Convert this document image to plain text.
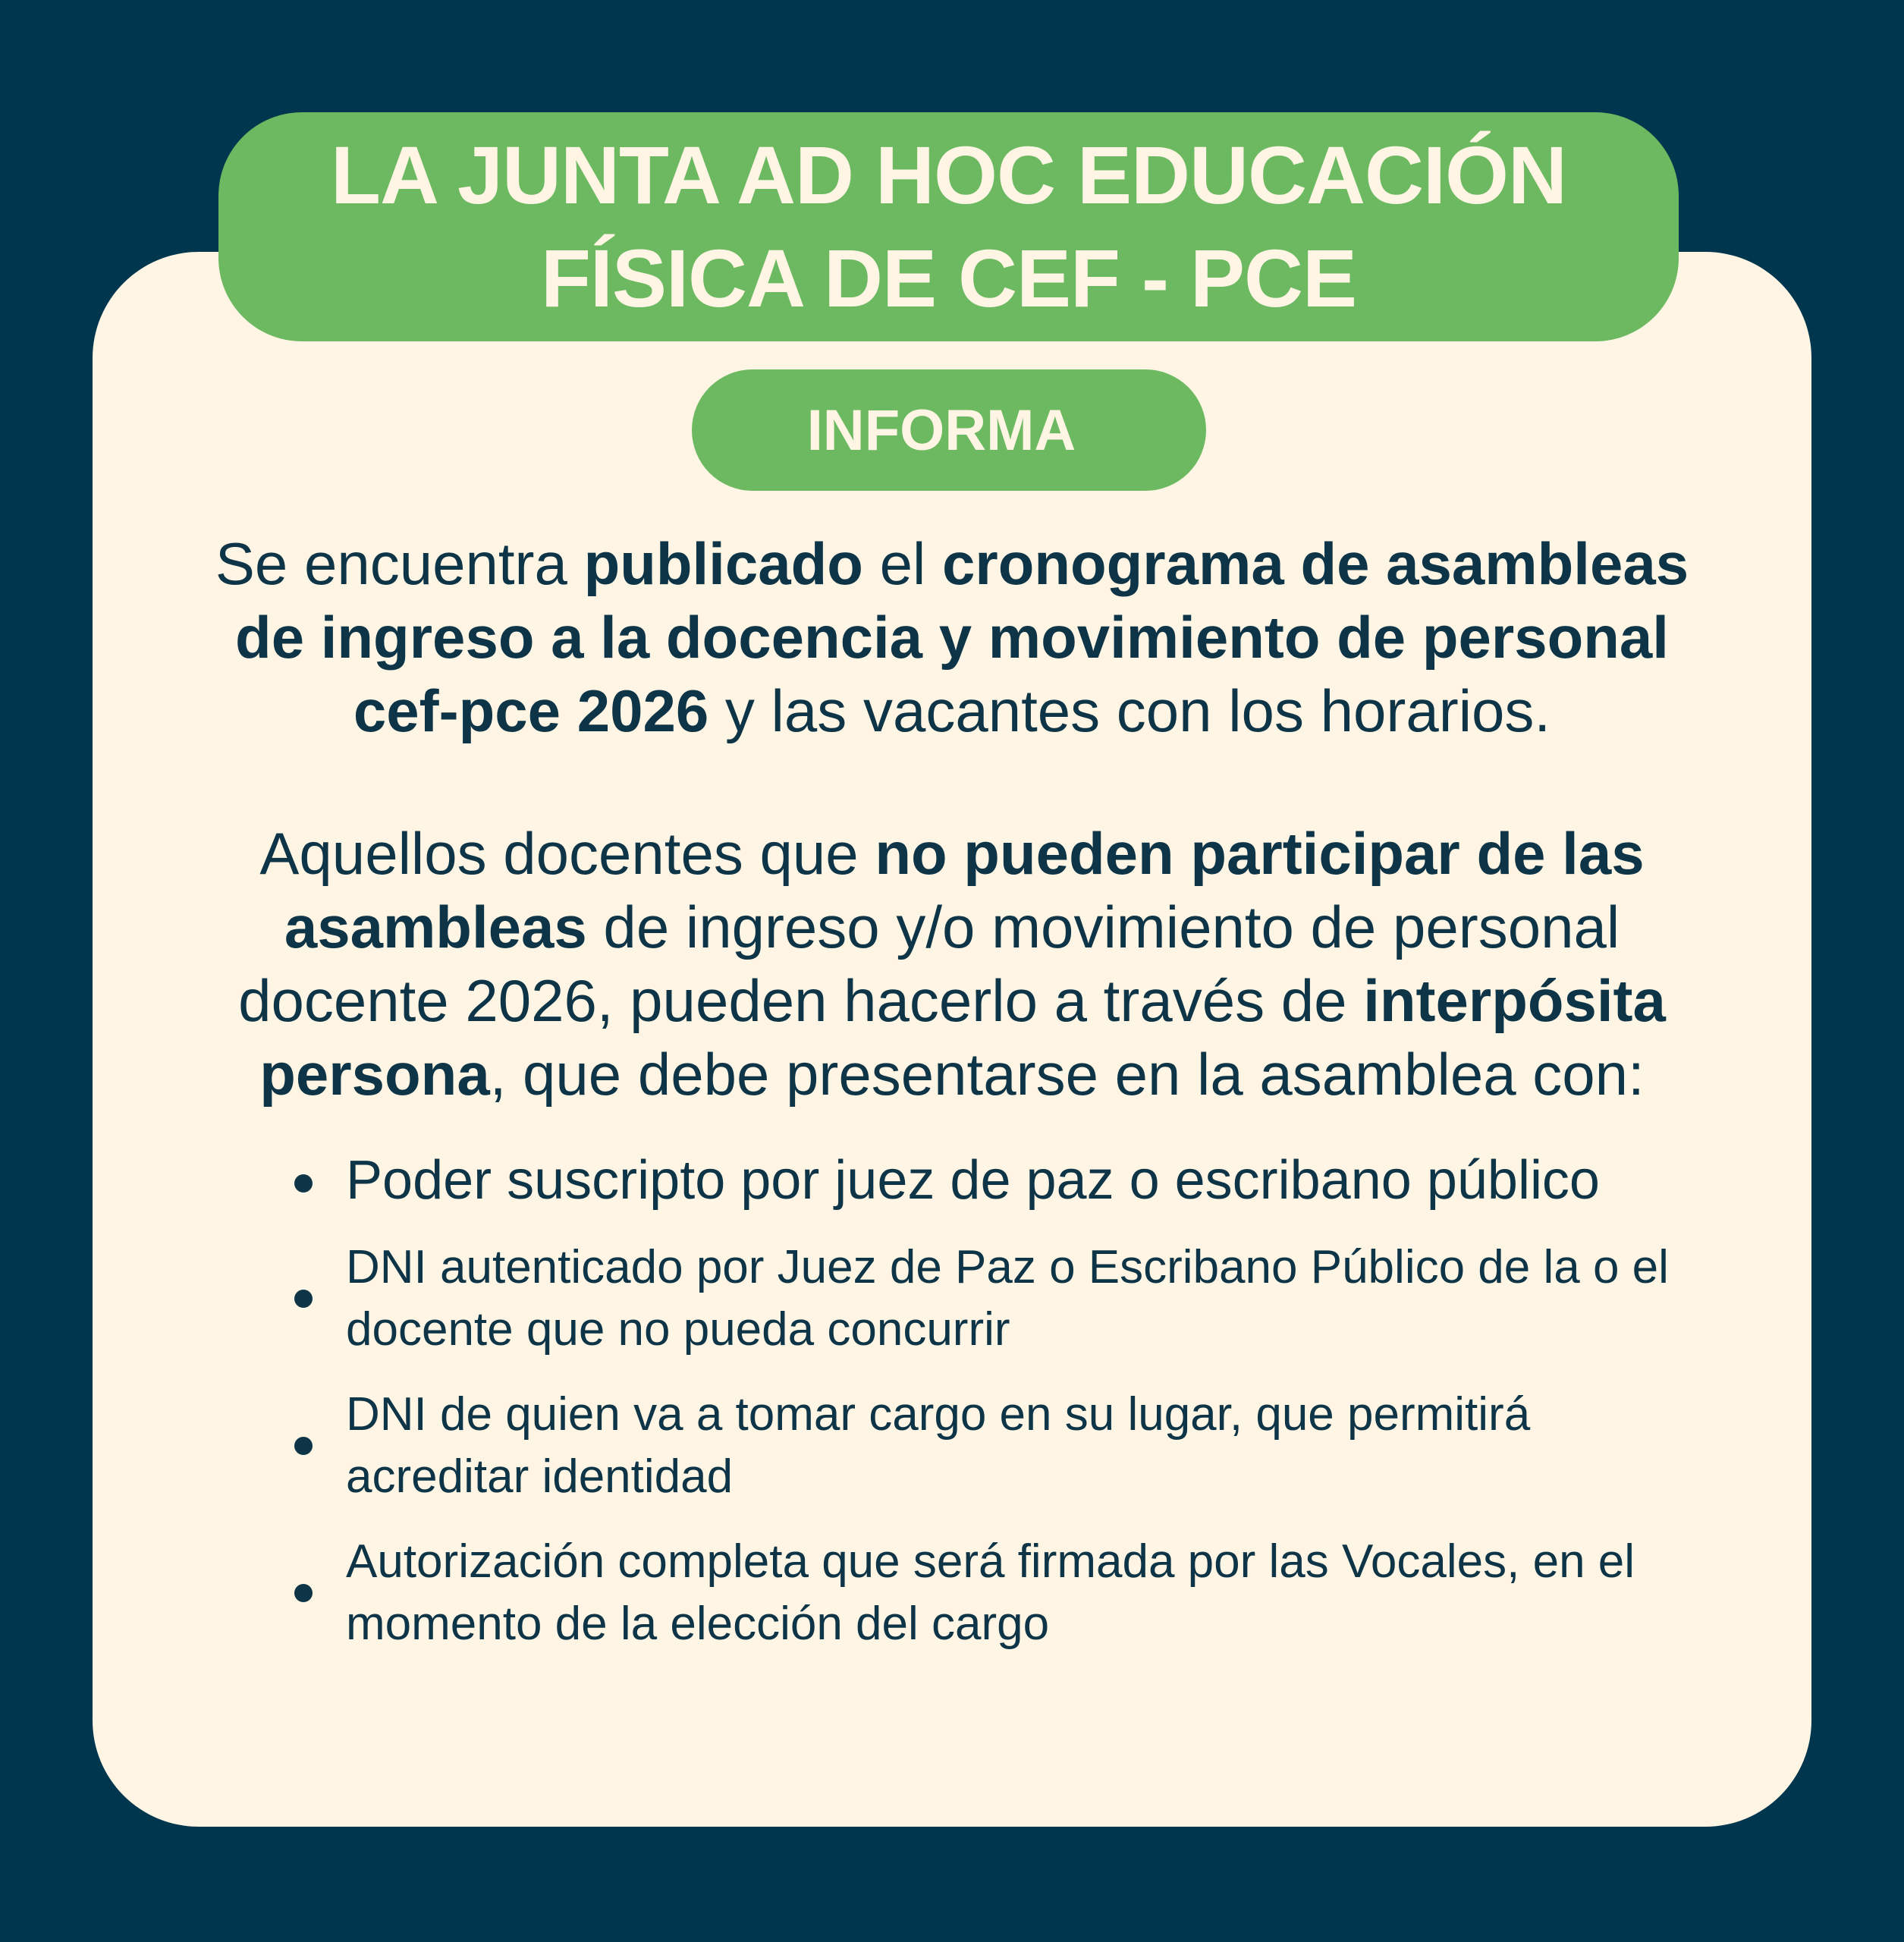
LA JUNTA AD HOC EDUCACIÓN
FÍSICA DE CEF - PCE
INFORMA

Se encuentra publicado el cronograma de asambleas de ingreso a la docencia y movimiento de personal cef-pce 2026 y las vacantes con los horarios.

Aquellos docentes que no pueden participar de las asambleas de ingreso y/o movimiento de personal docente 2026, pueden hacerlo a través de interpósita persona, que debe presentarse en la asamblea con:

Poder suscripto por juez de paz o escribano público
DNI autenticado por Juez de Paz o Escribano Público de la o el docente que no pueda concurrir
DNI de quien va a tomar cargo en su lugar, que permitirá acreditar identidad
Autorización completa que será firmada por las Vocales, en el momento de la elección del cargo
